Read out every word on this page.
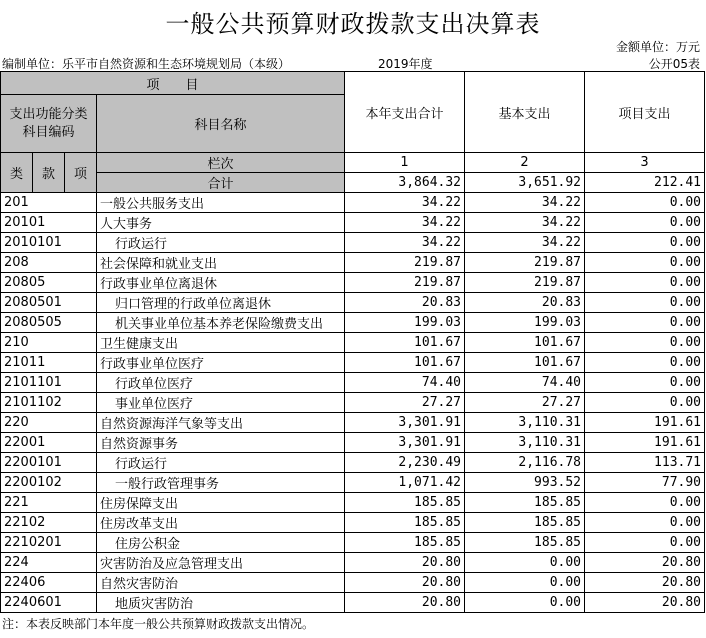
一般公共预算财政拨款支出决算表
金额单位：万元
编制单位：乐平市自然资源和生态环境规划局（本级）	2019年度	公开05表
项　　目				本年支出合计	基本支出	项目支出
支出功能分类科目编码			科目名称			

类	款	项	栏次	1	2	3
			合计	3,864.32	3,651.92	212.41
201			一般公共服务支出	34.22	34.22	0.00
20101			人大事务	34.22	34.22	0.00
2010101			行政运行	34.22	34.22	0.00
208			社会保障和就业支出	219.87	219.87	0.00
20805			行政事业单位离退休	219.87	219.87	0.00
2080501			归口管理的行政单位离退休	20.83	20.83	0.00
2080505			机关事业单位基本养老保险缴费支出	199.03	199.03	0.00
210			卫生健康支出	101.67	101.67	0.00
21011			行政事业单位医疗	101.67	101.67	0.00
2101101			行政单位医疗	74.40	74.40	0.00
2101102			事业单位医疗	27.27	27.27	0.00
220			自然资源海洋气象等支出	3,301.91	3,110.31	191.61
22001			自然资源事务	3,301.91	3,110.31	191.61
2200101			行政运行	2,230.49	2,116.78	113.71
2200102			一般行政管理事务	1,071.42	993.52	77.90
221			住房保障支出	185.85	185.85	0.00
22102			住房改革支出	185.85	185.85	0.00
2210201			住房公积金	185.85	185.85	0.00
224			灾害防治及应急管理支出	20.80	0.00	20.80
22406			自然灾害防治	20.80	0.00	20.80
2240601			地质灾害防治	20.80	0.00	20.80
注：本表反映部门本年度一般公共预算财政拨款支出情况。
